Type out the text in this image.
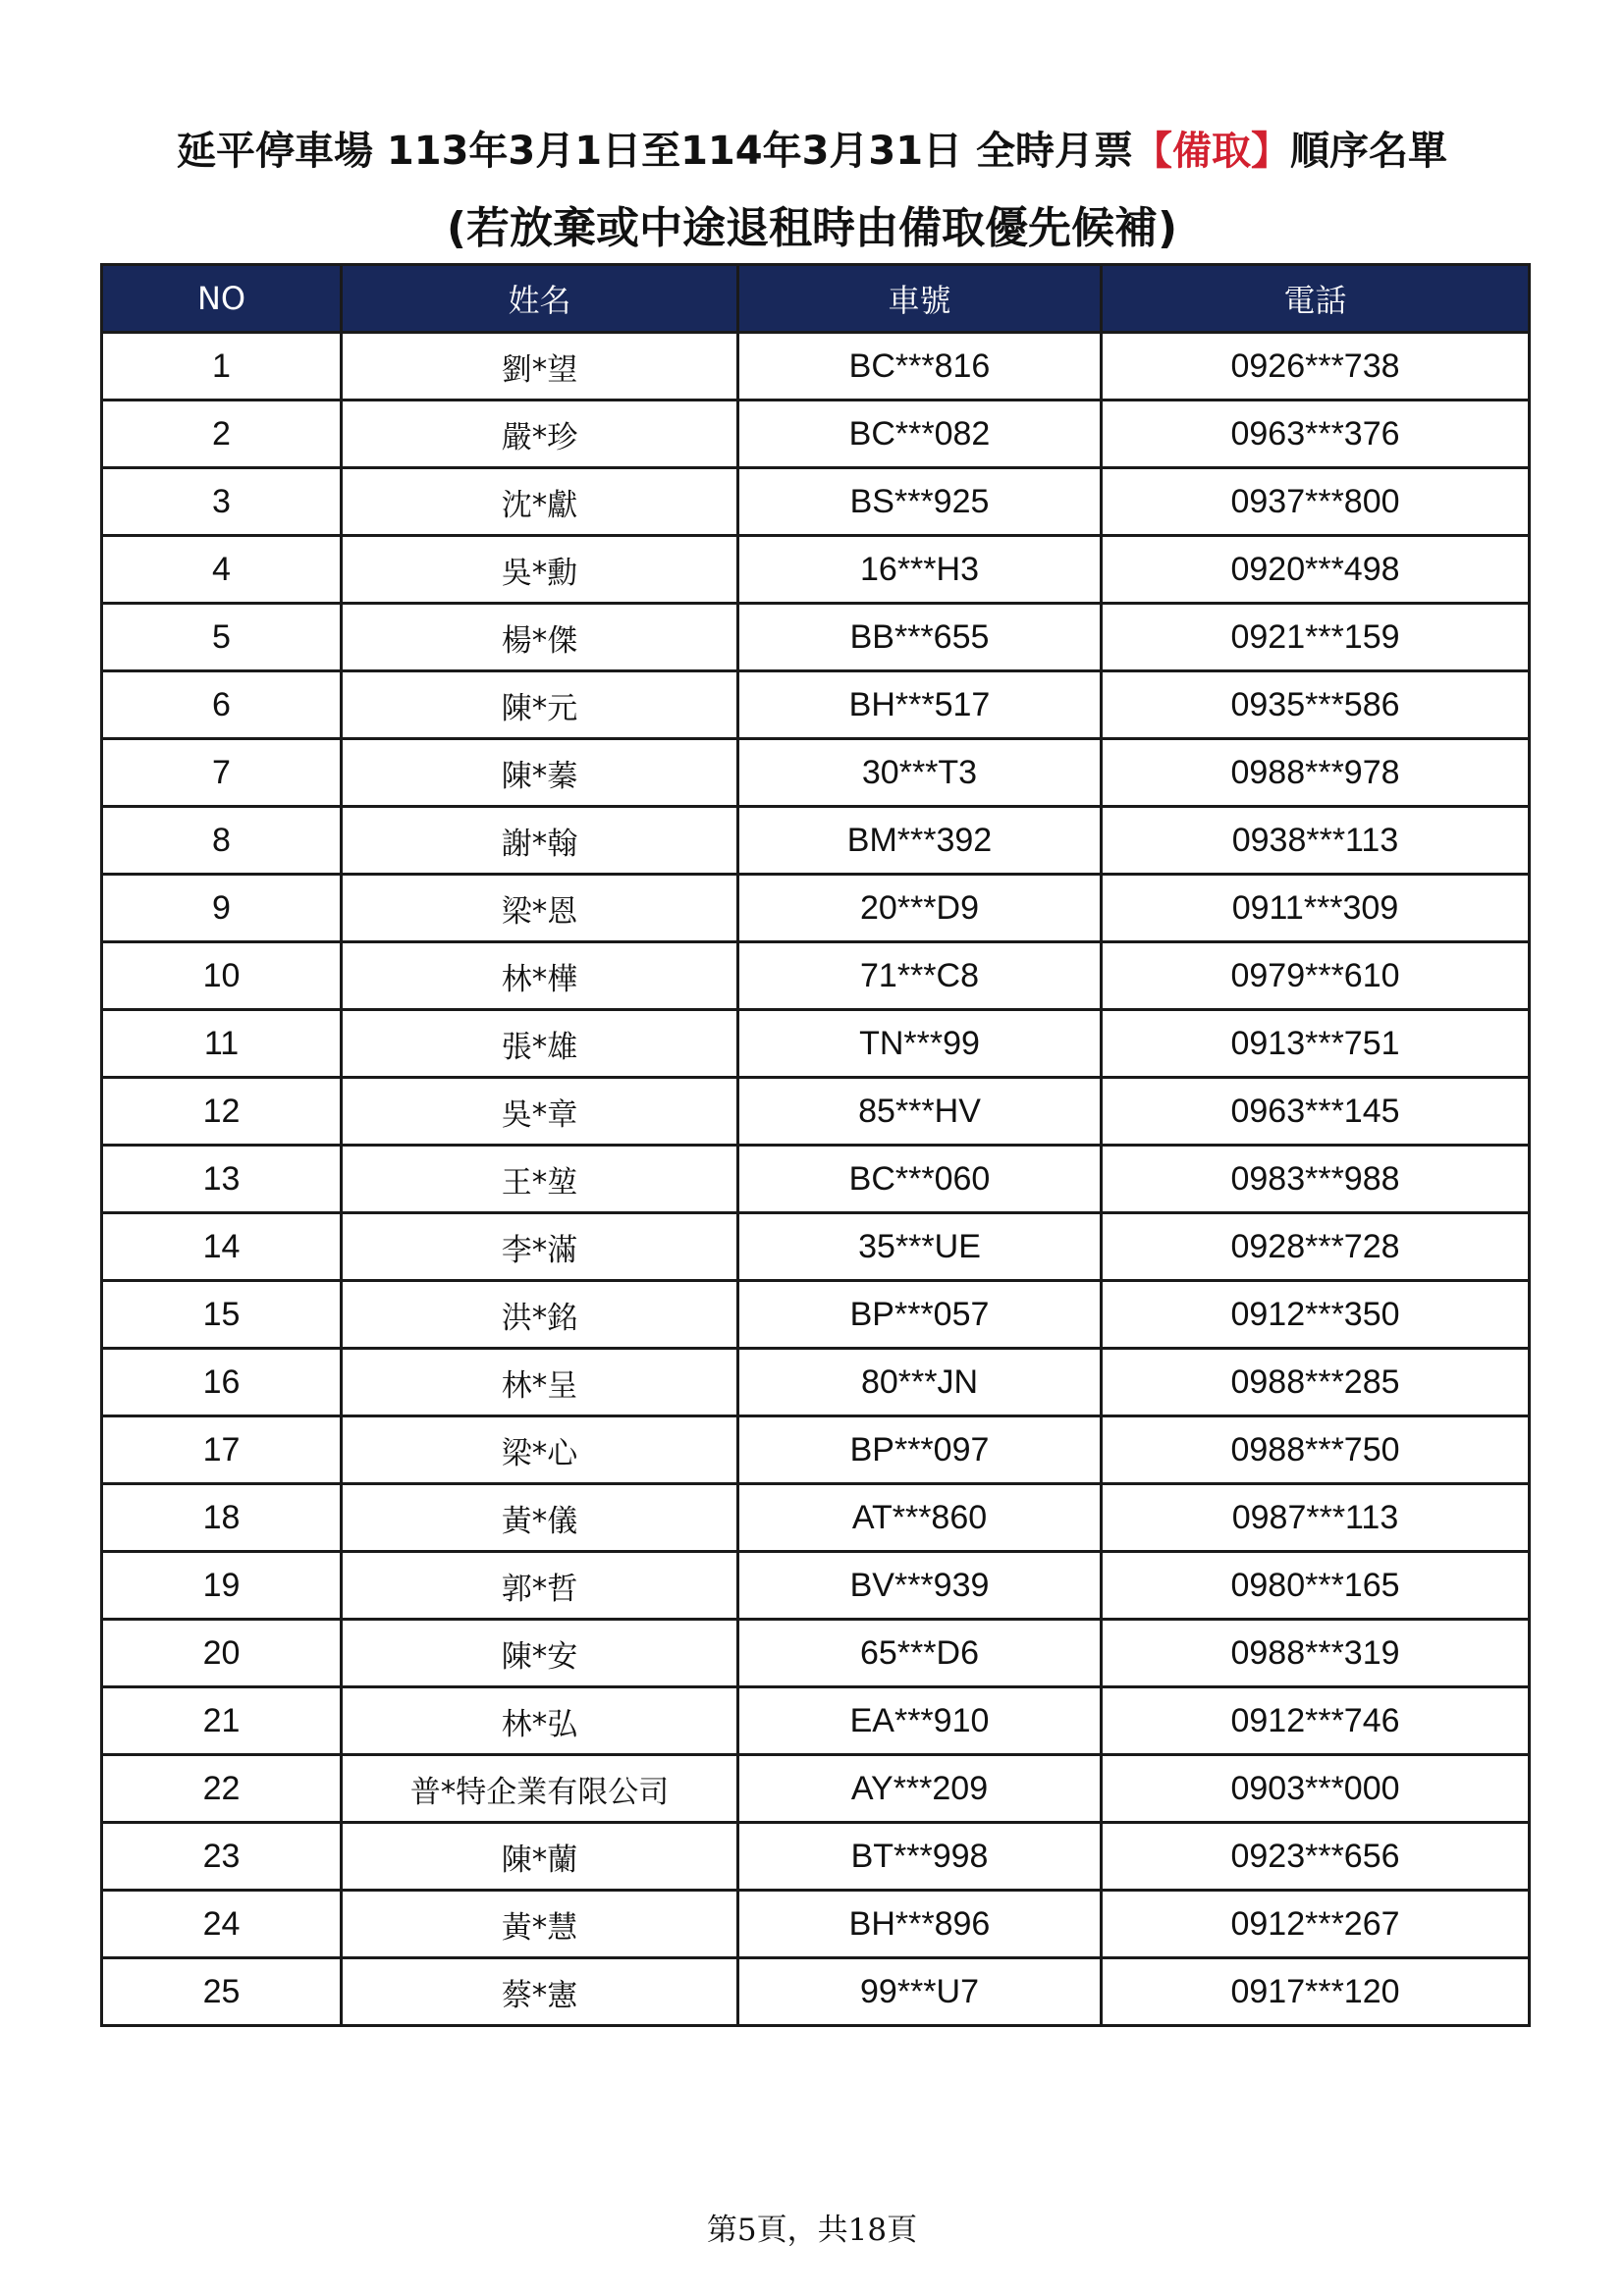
延平停車場 113年3月1日至114年3月31日 全時月票【備取】順序名單
(若放棄或中途退租時由備取優先候補)
NO	姓名	車號	電話
1	劉*望	BC***816	0926***738
2	嚴*珍	BC***082	0963***376
3	沈*獻	BS***925	0937***800
4	吳*勳	16***H3	0920***498
5	楊*傑	BB***655	0921***159
6	陳*元	BH***517	0935***586
7	陳*蓁	30***T3	0988***978
8	謝*翰	BM***392	0938***113
9	梁*恩	20***D9	0911***309
10	林*樺	71***C8	0979***610
11	張*雄	TN***99	0913***751
12	吳*章	85***HV	0963***145
13	王*堃	BC***060	0983***988
14	李*滿	35***UE	0928***728
15	洪*銘	BP***057	0912***350
16	林*呈	80***JN	0988***285
17	梁*心	BP***097	0988***750
18	黃*儀	AT***860	0987***113
19	郭*哲	BV***939	0980***165
20	陳*安	65***D6	0988***319
21	林*弘	EA***910	0912***746
22	普*特企業有限公司	AY***209	0903***000
23	陳*蘭	BT***998	0923***656
24	黃*慧	BH***896	0912***267
25	蔡*憲	99***U7	0917***120
第5頁，共18頁
